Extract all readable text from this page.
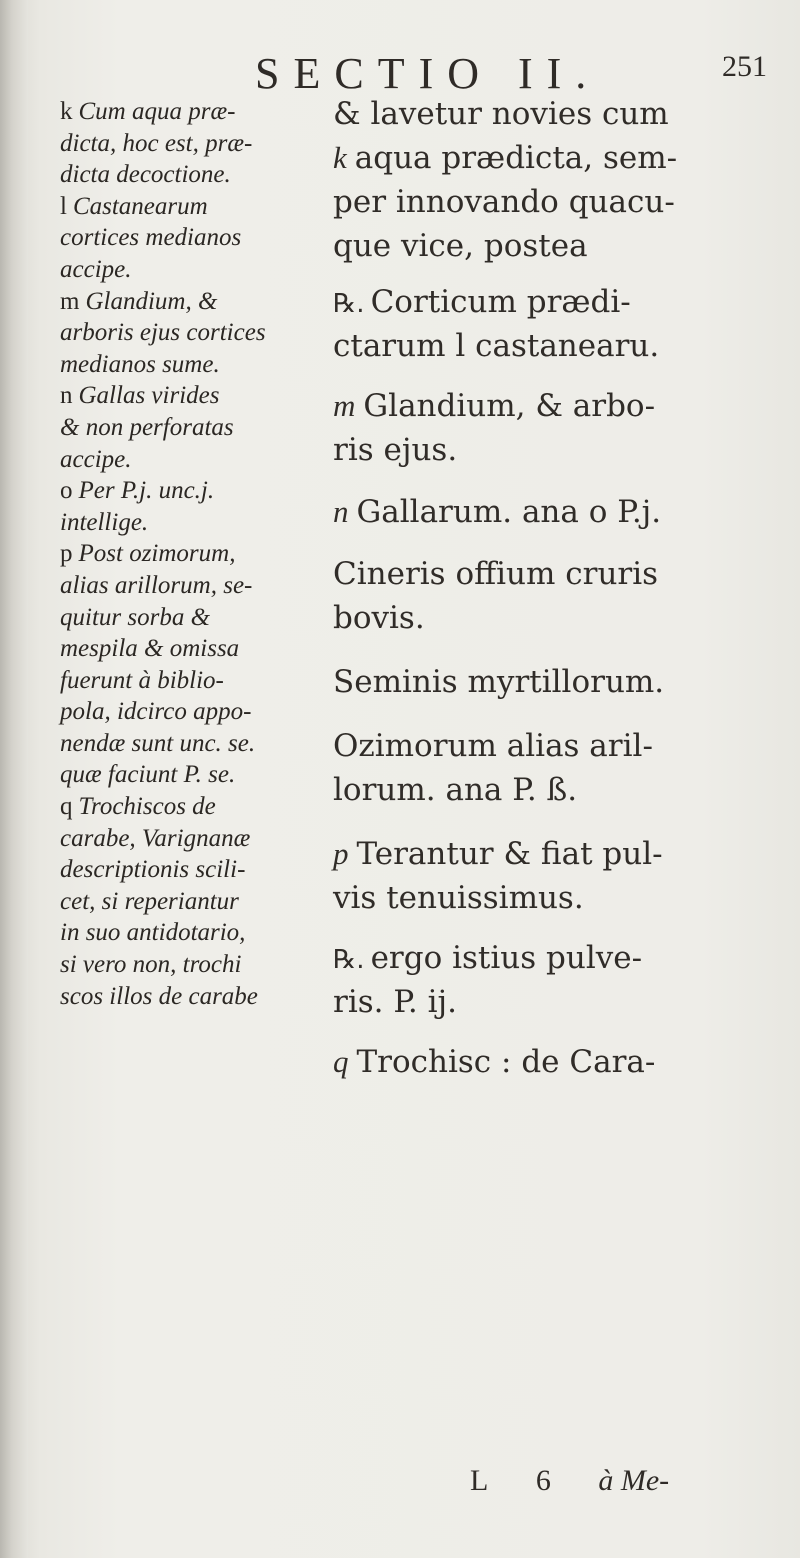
SECTIO II.	251
k Cum aqua præ-
dicta, hoc est, præ-
dicta decoctione.
l Castanearum
cortices medianos
accipe.
m Glandium, &
arboris ejus cortices
medianos sume.
n Gallas virides
& non perforatas
accipe.
o Per P.j. unc.j.
intellige.
p Post ozimorum,
alias arillorum, se-
quitur sorba &
mespila & omissa
fuerunt à biblio-
pola, idcirco appo-
nendæ sunt unc. se.
quæ faciunt P. se.
q Trochiscos de
carabe, Varignanæ
descriptionis scili-
cet, si reperiantur
in suo antidotario,
si vero non, trochi
scos illos de carabe
& lavetur novies cum
k aqua prædicta, sem-
per innovando quacu-
que vice, postea
℞. Corticum prædi-
ctarum l castanearu.
m Glandium, & arbo-
ris ejus.
n Gallarum. ana o P.j.
Cineris offium cruris
bovis.
Seminis myrtillorum.
Ozimorum alias aril-
lorum. ana P. ß.
p Terantur & fiat pul-
vis tenuissimus.
℞. ergo istius pulve-
ris. P. ij.
q Trochisc : de Cara-
L 6 à Me-
